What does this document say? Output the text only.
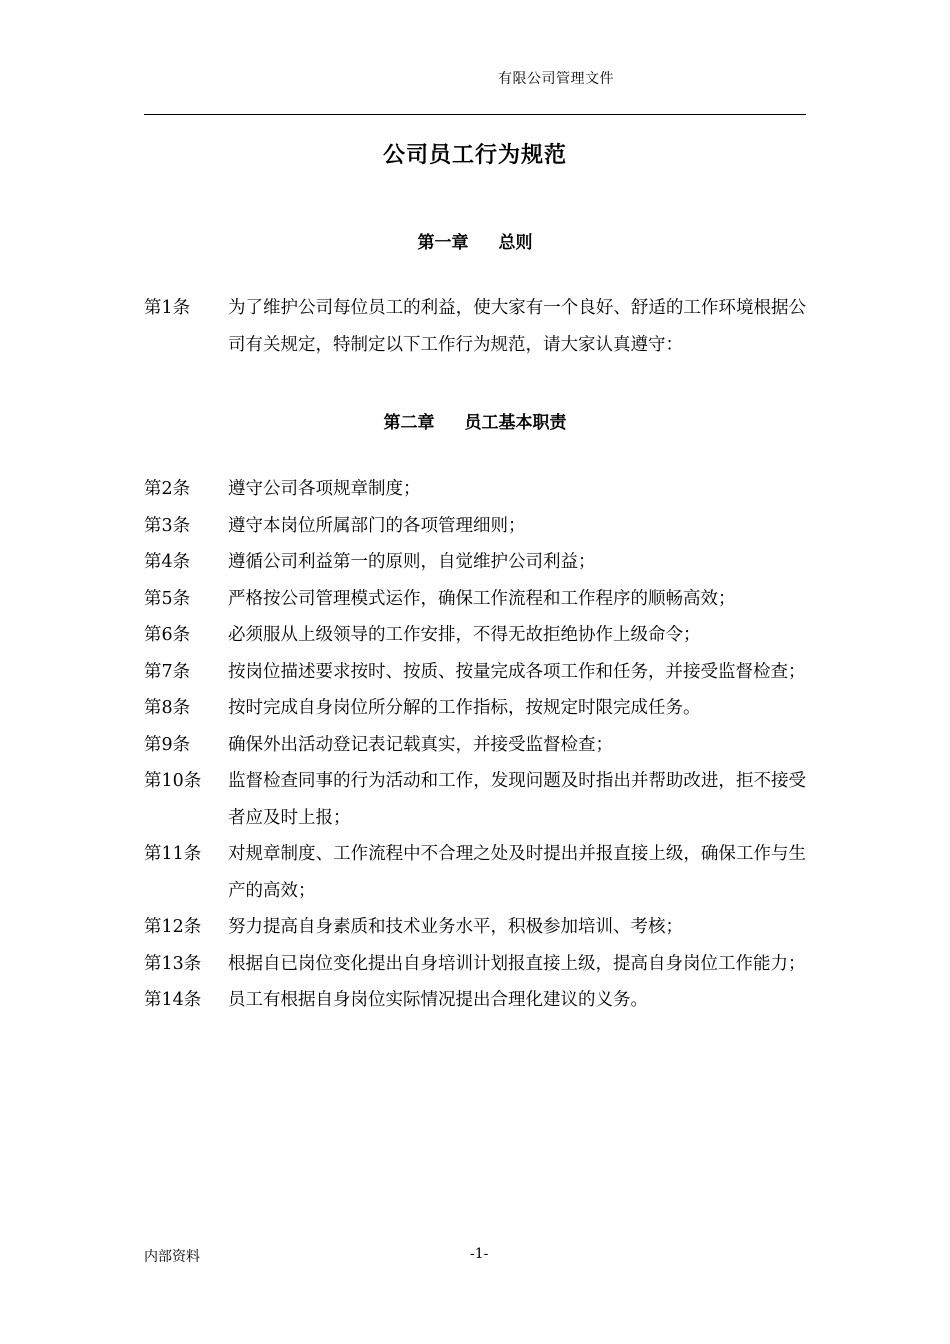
有限公司管理文件
公司员工行为规范
第一章 总则
第1条	为了维护公司每位员工的利益，使大家有一个良好、舒适的工作环境根据公司有关规定，特制定以下工作行为规范，请大家认真遵守：
第二章 员工基本职责
第2条	遵守公司各项规章制度；
第3条	遵守本岗位所属部门的各项管理细则；
第4条	遵循公司利益第一的原则，自觉维护公司利益；
第5条	严格按公司管理模式运作，确保工作流程和工作程序的顺畅高效；
第6条	必须服从上级领导的工作安排，不得无故拒绝协作上级命令；
第7条	按岗位描述要求按时、按质、按量完成各项工作和任务，并接受监督检查；
第8条	按时完成自身岗位所分解的工作指标，按规定时限完成任务。
第9条	确保外出活动登记表记载真实，并接受监督检查；
第10条	监督检查同事的行为活动和工作，发现问题及时指出并帮助改进，拒不接受者应及时上报；
第11条	对规章制度、工作流程中不合理之处及时提出并报直接上级，确保工作与生产的高效；
第12条	努力提高自身素质和技术业务水平，积极参加培训、考核；
第13条	根据自已岗位变化提出自身培训计划报直接上级，提高自身岗位工作能力；
第14条	员工有根据自身岗位实际情况提出合理化建议的义务。
内部资料	-1-
